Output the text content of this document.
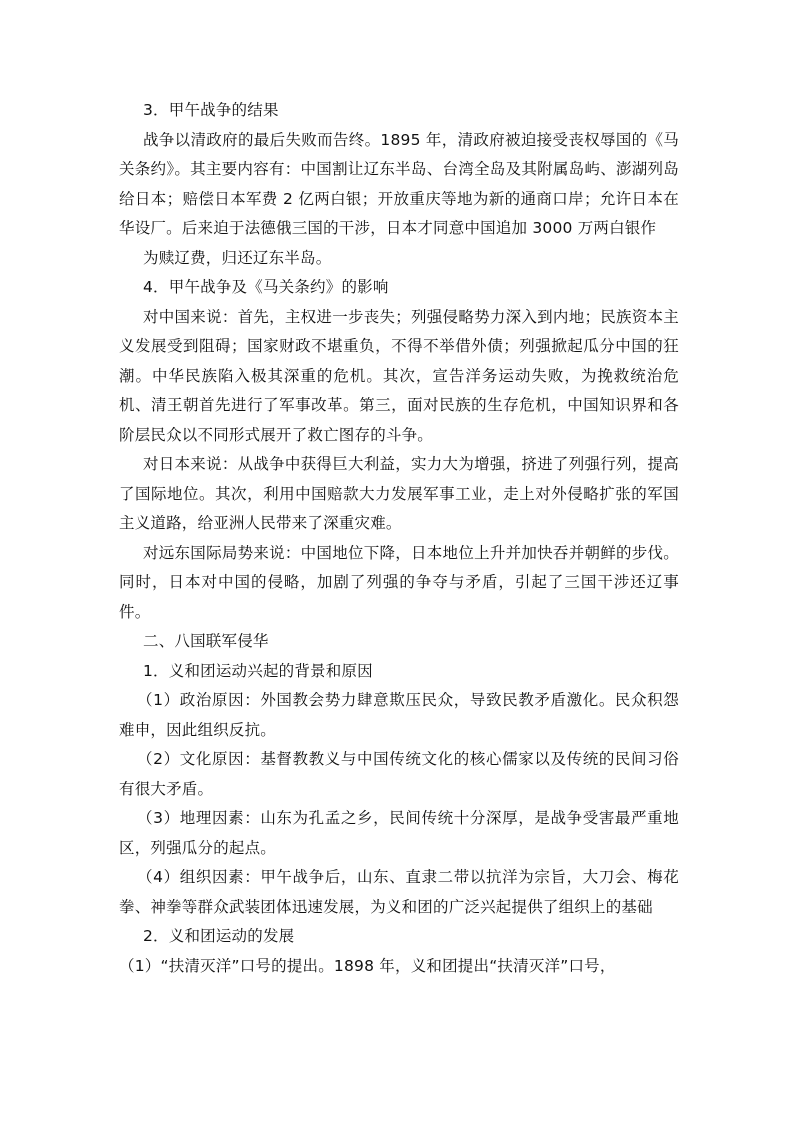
3．甲午战争的结果

战争以清政府的最后失败而告终。1895 年，清政府被迫接受丧权辱国的《马关条约》。其主要内容有：中国割让辽东半岛、台湾全岛及其附属岛屿、澎湖列岛给日本；赔偿日本军费 2 亿两白银；开放重庆等地为新的通商口岸；允许日本在华设厂。后来迫于法德俄三国的干涉，日本才同意中国追加 3000 万两白银作

为赎辽费，归还辽东半岛。

4．甲午战争及《马关条约》的影响

对中国来说：首先，主权进一步丧失；列强侵略势力深入到内地；民族资本主义发展受到阻碍；国家财政不堪重负，不得不举借外债；列强掀起瓜分中国的狂潮。中华民族陷入极其深重的危机。其次，宣告洋务运动失败，为挽救统治危机、清王朝首先进行了军事改革。第三，面对民族的生存危机，中国知识界和各阶层民众以不同形式展开了救亡图存的斗争。

对日本来说：从战争中获得巨大利益，实力大为增强，挤进了列强行列，提高了国际地位。其次，利用中国赔款大力发展军事工业，走上对外侵略扩张的军国主义道路，给亚洲人民带来了深重灾难。

对远东国际局势来说：中国地位下降，日本地位上升并加快吞并朝鲜的步伐。同时，日本对中国的侵略，加剧了列强的争夺与矛盾，引起了三国干涉还辽事件。

二、八国联军侵华

1．义和团运动兴起的背景和原因

（1）政治原因：外国教会势力肆意欺压民众，导致民教矛盾激化。民众积怨难申，因此组织反抗。

（2）文化原因：基督教教义与中国传统文化的核心儒家以及传统的民间习俗有很大矛盾。

（3）地理因素：山东为孔孟之乡，民间传统十分深厚，是战争受害最严重地区，列强瓜分的起点。

（4）组织因素：甲午战争后，山东、直隶二带以抗洋为宗旨，大刀会、梅花拳、神拳等群众武装团体迅速发展，为义和团的广泛兴起提供了组织上的基础

2．义和团运动的发展

（1）“扶清灭洋”口号的提出。1898 年，义和团提出“扶清灭洋”口号，
